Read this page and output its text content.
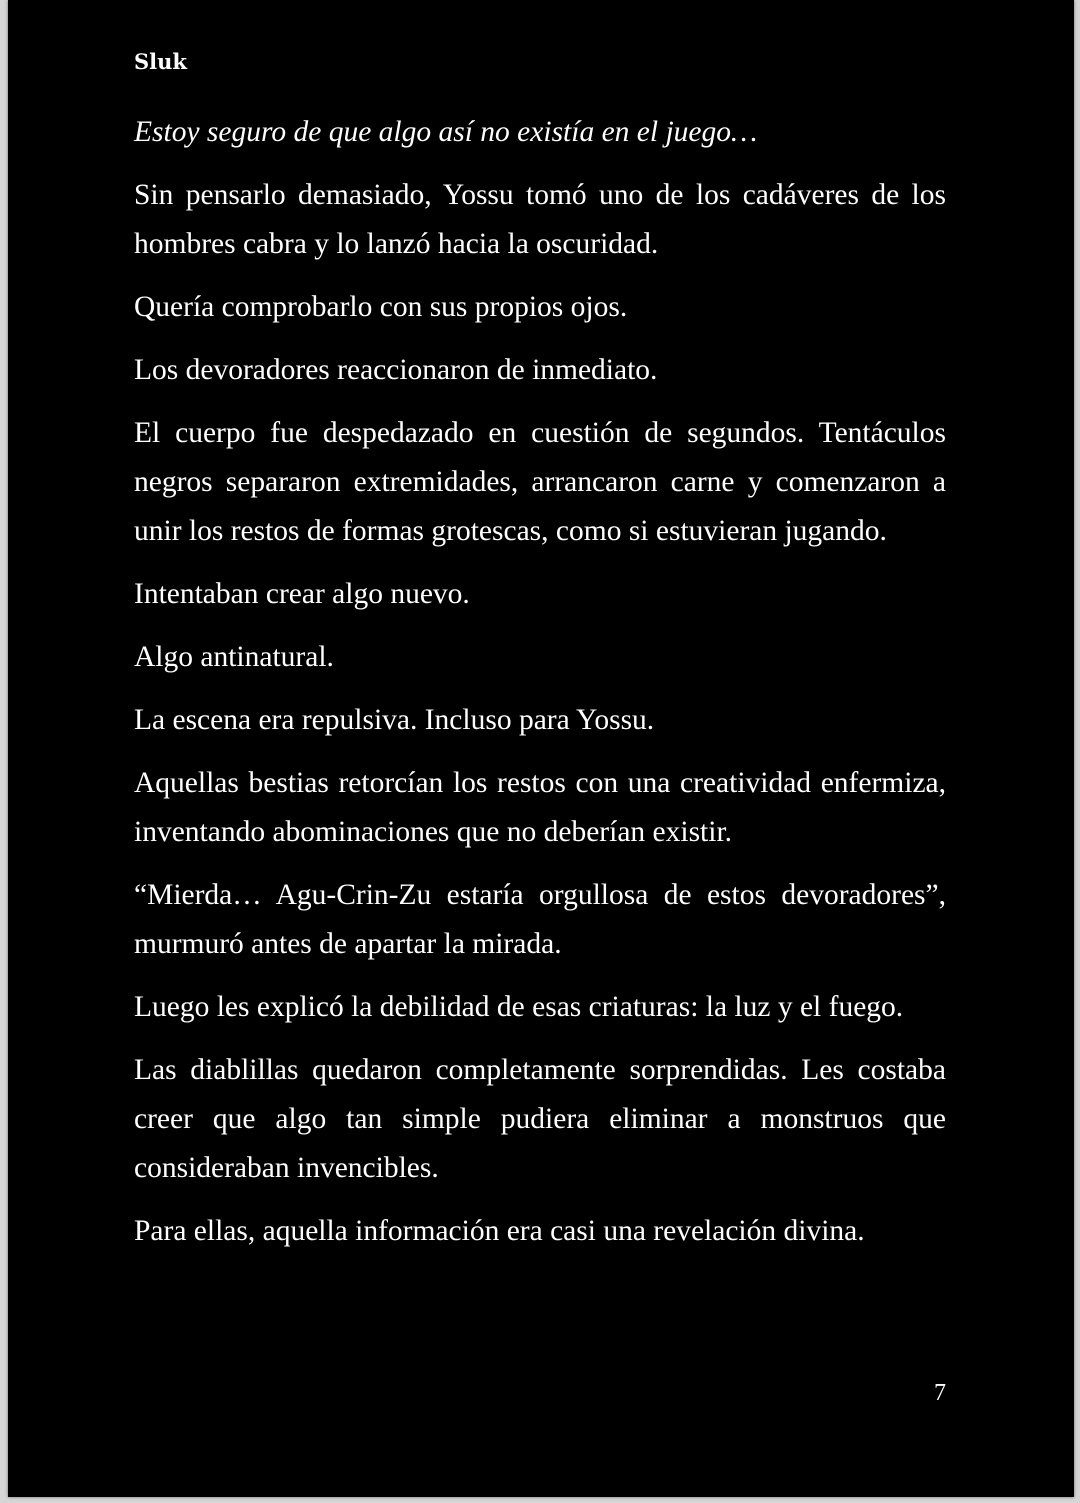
Sluk

Estoy seguro de que algo así no existía en el juego…

Sin pensarlo demasiado, Yossu tomó uno de los cadáveres de los hombres cabra y lo lanzó hacia la oscuridad.

Quería comprobarlo con sus propios ojos.

Los devoradores reaccionaron de inmediato.

El cuerpo fue despedazado en cuestión de segundos. Tentáculos negros separaron extremidades, arrancaron carne y comenzaron a unir los restos de formas grotescas, como si estuvieran jugando.

Intentaban crear algo nuevo.

Algo antinatural.

La escena era repulsiva. Incluso para Yossu.

Aquellas bestias retorcían los restos con una creatividad enfermiza, inventando abominaciones que no deberían existir.

“Mierda… Agu-Crin-Zu estaría orgullosa de estos devoradores”, murmuró antes de apartar la mirada.

Luego les explicó la debilidad de esas criaturas: la luz y el fuego.

Las diablillas quedaron completamente sorprendidas. Les costaba creer que algo tan simple pudiera eliminar a monstruos que consideraban invencibles.

Para ellas, aquella información era casi una revelación divina.

7
